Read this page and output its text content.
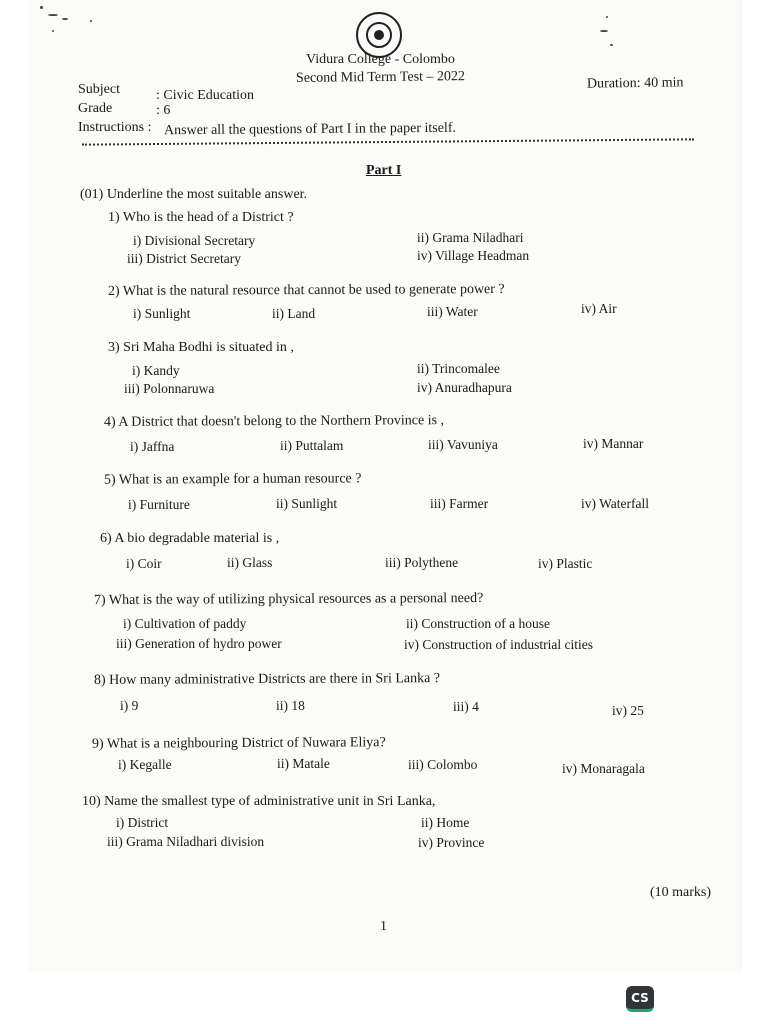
Vidura College - Colombo
Second Mid Term Test – 2022
Subject	: Civic Education
Duration: 40 min
Grade	: 6
Instructions : Answer all the questions of Part I in the paper itself.
Part I
(01) Underline the most suitable answer.
1) Who is the head of a District ?
i) Divisional Secretary	ii) Grama Niladhari
iii) District Secretary	iv) Village Headman
2) What is the natural resource that cannot be used to generate power ?
i) Sunlight	ii) Land	iii) Water	iv) Air
3) Sri Maha Bodhi is situated in ,
i) Kandy	ii) Trincomalee
iii) Polonnaruwa	iv) Anuradhapura
4) A District that doesn't belong to the Northern Province is ,
i) Jaffna	ii) Puttalam	iii) Vavuniya	iv) Mannar
5) What is an example for a human resource ?
i) Furniture	ii) Sunlight	iii) Farmer	iv) Waterfall
6) A bio degradable material is ,
i) Coir	ii) Glass	iii) Polythene	iv) Plastic
7) What is the way of utilizing physical resources as a personal need?
i) Cultivation of paddy	ii) Construction of a house
iii) Generation of hydro power	iv) Construction of industrial cities
8) How many administrative Districts are there in Sri Lanka ?
i) 9	ii) 18	iii) 4	iv) 25
9) What is a neighbouring District of Nuwara Eliya?
i) Kegalle	ii) Matale	iii) Colombo	iv) Monaragala
10) Name the smallest type of administrative unit in Sri Lanka,
i) District	ii) Home
iii) Grama Niladhari division	iv) Province
(10 marks)
1
CS
